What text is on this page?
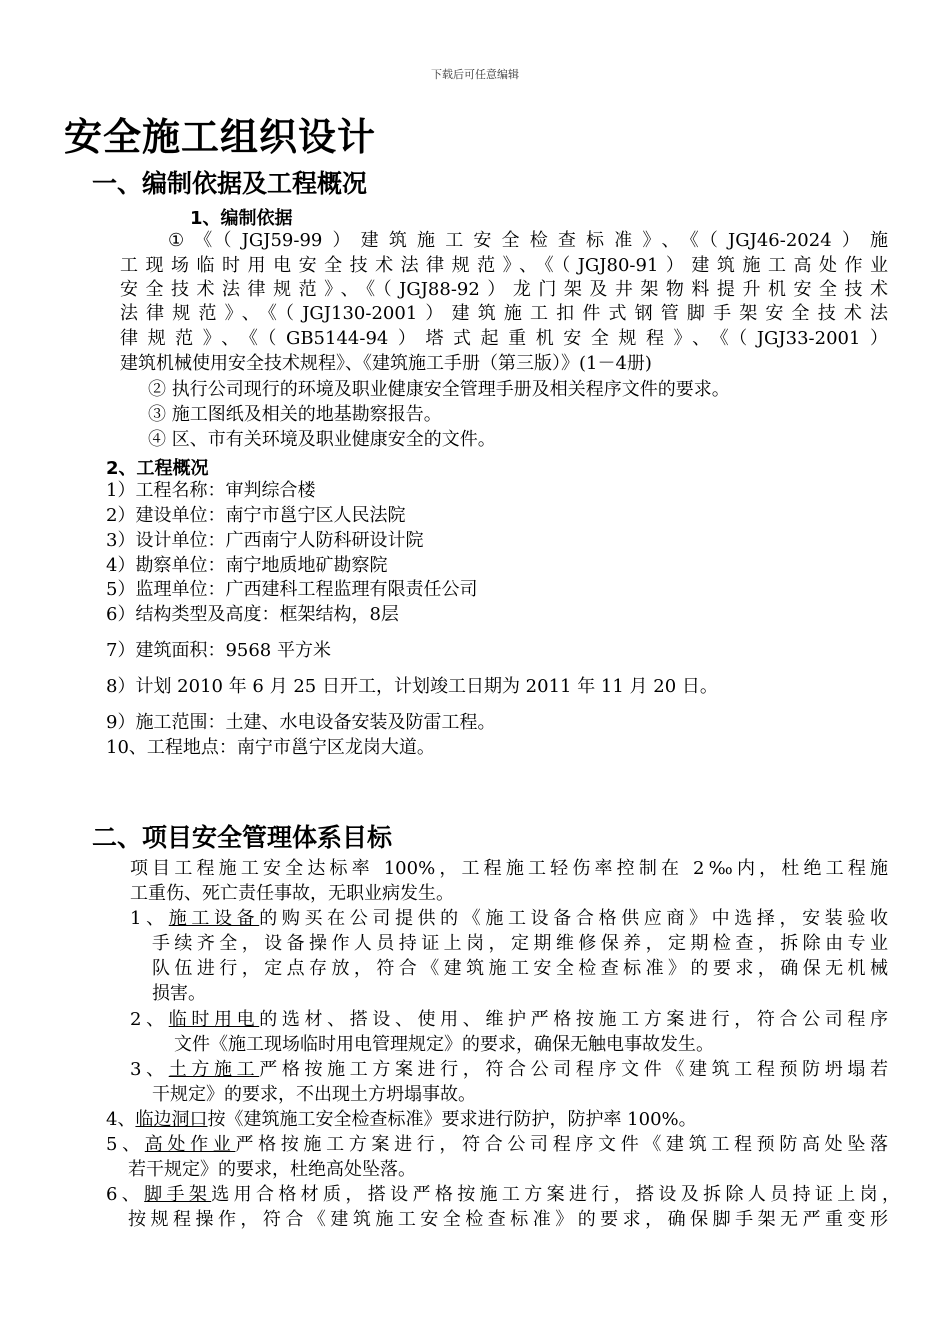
下载后可任意编辑
安全施工组织设计
一、编制依据及工程概况
1、编制依据
①《（JGJ59-99）建筑施工安全检查标准》、《（JGJ46-2024）施
工现场临时用电安全技术法律规范》、《（JGJ80-91）建筑施工高处作业
安全技术法律规范》、《（JGJ88-92）龙门架及井架物料提升机安全技术
法律规范》、《（JGJ130-2001）建筑施工扣件式钢管脚手架安全技术法
律规范》、《（GB5144-94）塔式起重机安全规程》、《（JGJ33-2001）
建筑机械使用安全技术规程》、《建筑施工手册（第三版）》(1－4册)
② 执行公司现行的环境及职业健康安全管理手册及相关程序文件的要求。
③ 施工图纸及相关的地基勘察报告。
④ 区、市有关环境及职业健康安全的文件。
2、工程概况
1）工程名称：审判综合楼
2）建设单位：南宁市邕宁区人民法院
3）设计单位：广西南宁人防科研设计院
4）勘察单位：南宁地质地矿勘察院
5）监理单位：广西建科工程监理有限责任公司
6）结构类型及高度：框架结构，8层
7）建筑面积：9568 平方米
8）计划 2010 年 6 月 25 日开工，计划竣工日期为 2011 年 11 月 20 日。
9）施工范围：土建、水电设备安装及防雷工程。
10、工程地点：南宁市邕宁区龙岗大道。
二、项目安全管理体系目标
项目工程施工安全达标率 100%，工程施工轻伤率控制在 2‰内，杜绝工程施
工重伤、死亡责任事故，无职业病发生。
1、施工设备的购买在公司提供的《施工设备合格供应商》中选择，安装验收
手续齐全，设备操作人员持证上岗，定期维修保养，定期检查，拆除由专业
队伍进行，定点存放，符合《建筑施工安全检查标准》的要求，确保无机械
损害。
2、临时用电的选材、搭设、使用、维护严格按施工方案进行，符合公司程序
文件《施工现场临时用电管理规定》的要求，确保无触电事故发生。
3、土方施工严格按施工方案进行，符合公司程序文件《建筑工程预防坍塌若
干规定》的要求，不出现土方坍塌事故。
4、临边洞口按《建筑施工安全检查标准》要求进行防护，防护率 100%。
5、高处作业严格按施工方案进行，符合公司程序文件《建筑工程预防高处坠落
若干规定》的要求，杜绝高处坠落。
6、脚手架选用合格材质，搭设严格按施工方案进行，搭设及拆除人员持证上岗，
按规程操作，符合《建筑施工安全检查标准》的要求，确保脚手架无严重变形
